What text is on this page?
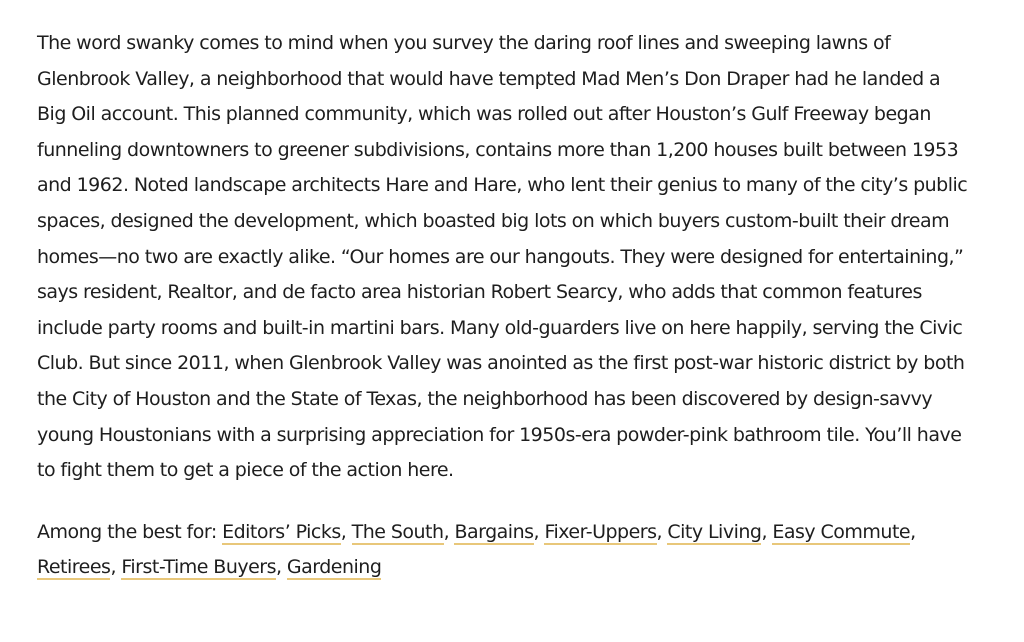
The word swanky comes to mind when you survey the daring roof lines and sweeping lawns of Glenbrook Valley, a neighborhood that would have tempted Mad Men’s Don Draper had he landed a Big Oil account. This planned community, which was rolled out after Houston’s Gulf Freeway began funneling downtowners to greener subdivisions, contains more than 1,200 houses built between 1953 and 1962. Noted landscape architects Hare and Hare, who lent their genius to many of the city’s public spaces, designed the development, which boasted big lots on which buyers custom-built their dream homes—no two are exactly alike. “Our homes are our hangouts. They were designed for entertaining,” says resident, Realtor, and de facto area historian Robert Searcy, who adds that common features include party rooms and built-in martini bars. Many old-guarders live on here happily, serving the Civic Club. But since 2011, when Glenbrook Valley was anointed as the first post-war historic district by both the City of Houston and the State of Texas, the neighborhood has been discovered by design-savvy young Houstonians with a surprising appreciation for 1950s-era powder-pink bathroom tile. You’ll have to fight them to get a piece of the action here.

Among the best for: Editors’ Picks, The South, Bargains, Fixer-Uppers, City Living, Easy Commute, Retirees, First-Time Buyers, Gardening
